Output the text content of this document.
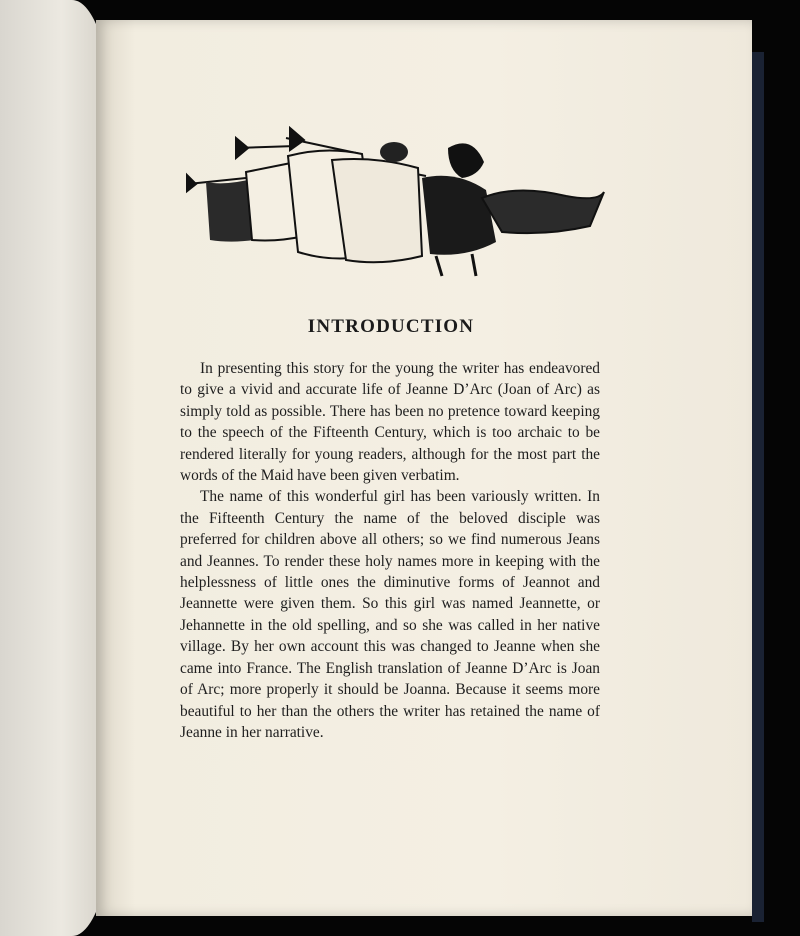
INTRODUCTION

In presenting this story for the young the writer has endeavored to give a vivid and accurate life of Jeanne D’Arc (Joan of Arc) as simply told as possible. There has been no pretence toward keeping to the speech of the Fifteenth Century, which is too archaic to be rendered literally for young readers, although for the most part the words of the Maid have been given verbatim.

The name of this wonderful girl has been variously written. In the Fifteenth Century the name of the beloved disciple was preferred for children above all others; so we find numerous Jeans and Jeannes. To render these holy names more in keeping with the helplessness of little ones the diminutive forms of Jeannot and Jeannette were given them. So this girl was named Jeannette, or Jehannette in the old spelling, and so she was called in her native village. By her own account this was changed to Jeanne when she came into France. The English translation of Jeanne D’Arc is Joan of Arc; more properly it should be Joanna. Because it seems more beautiful to her than the others the writer has retained the name of Jeanne in her narrative.
